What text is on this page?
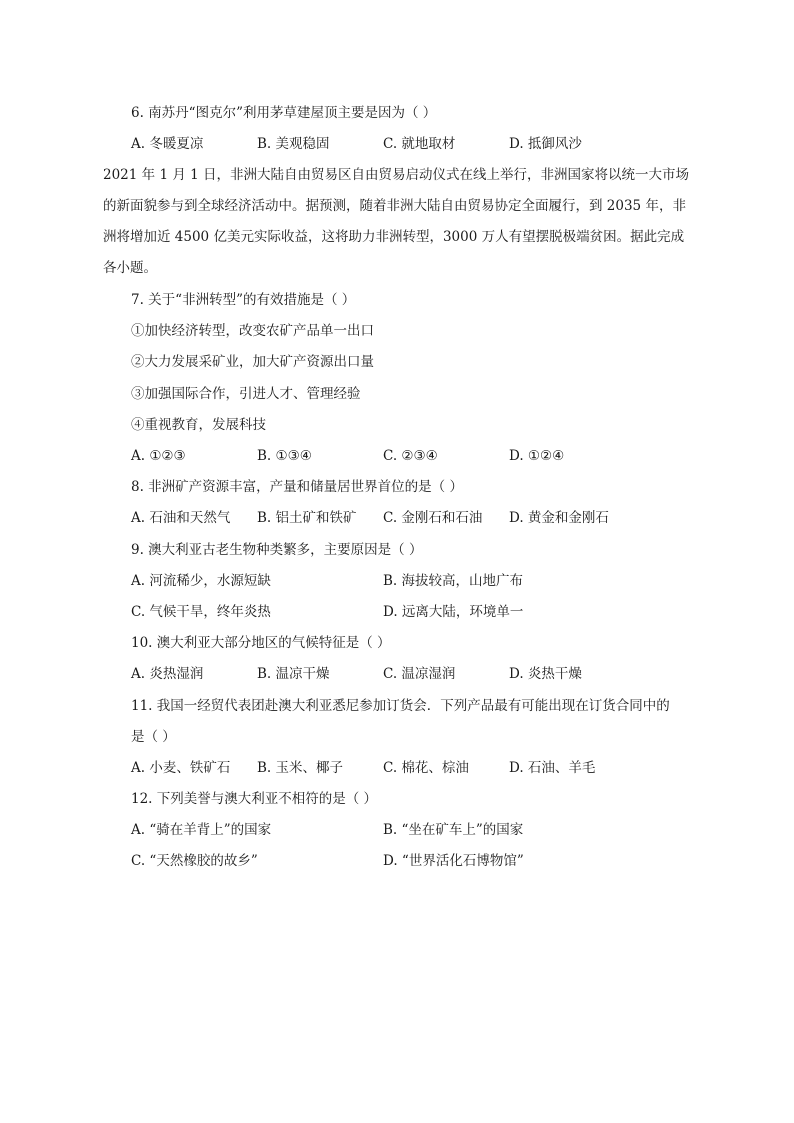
6. 南苏丹“图克尔”利用茅草建屋顶主要是因为（ ）
A. 冬暖夏凉	B. 美观稳固	C. 就地取材	D. 抵御风沙
2021 年 1 月 1 日，非洲大陆自由贸易区自由贸易启动仪式在线上举行，非洲国家将以统一大市场
的新面貌参与到全球经济活动中。据预测，随着非洲大陆自由贸易协定全面履行，到 2035 年，非
洲将增加近 4500 亿美元实际收益，这将助力非洲转型，3000 万人有望摆脱极端贫困。据此完成
各小题。
7. 关于“非洲转型”的有效措施是（ ）
①加快经济转型，改变农矿产品单一出口
②大力发展采矿业，加大矿产资源出口量
③加强国际合作，引进人才、管理经验
④重视教育，发展科技
A. ①②③	B. ①③④	C. ②③④	D. ①②④
8. 非洲矿产资源丰富，产量和储量居世界首位的是（ ）
A. 石油和天然气 B. 铝土矿和铁矿 C. 金刚石和石油 D. 黄金和金刚石
9. 澳大利亚古老生物种类繁多，主要原因是（ ）
A. 河流稀少，水源短缺	B. 海拔较高，山地广布
C. 气候干旱，终年炎热	D. 远离大陆，环境单一
10. 澳大利亚大部分地区的气候特征是（ ）
A. 炎热湿润	B. 温凉干燥	C. 温凉湿润	D. 炎热干燥
11. 我国一经贸代表团赴澳大利亚悉尼参加订货会．下列产品最有可能出现在订货合同中的
是（ ）
A. 小麦、铁矿石 B. 玉米、椰子	C. 棉花、棕油	D. 石油、羊毛
12. 下列美誉与澳大利亚不相符的是（ ）
A. “骑在羊背上”的国家	B. “坐在矿车上”的国家
C. “天然橡胶的故乡”	D. “世界活化石博物馆”
